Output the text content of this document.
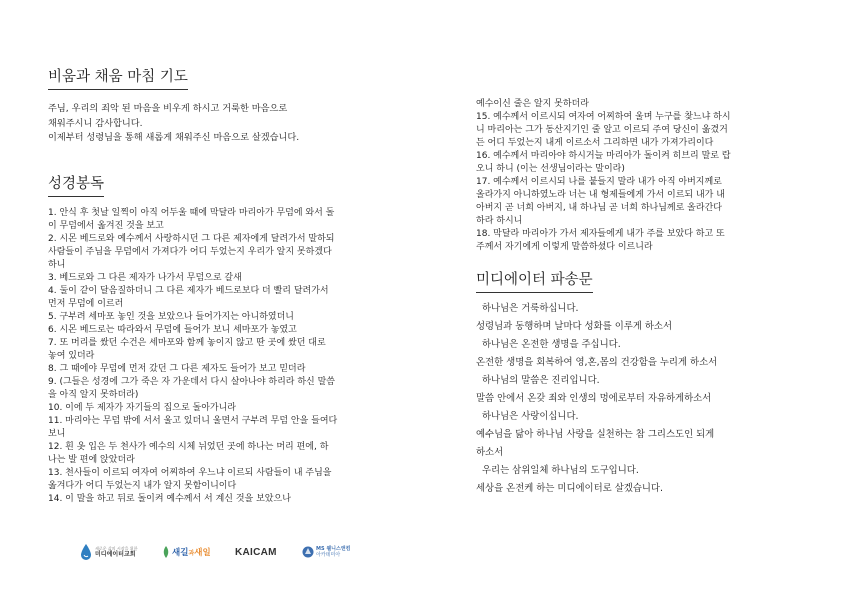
비움과 채움 마침 기도
주님, 우리의 죄악 된 마음을 비우게 하시고 거룩한 마음으로
채워주시니 감사합니다.
이제부터 성령님을 통해 새롭게 채워주신 마음으로 살겠습니다.
성경봉독
1. 안식 후 첫날 일찍이 아직 어두울 때에 막달라 마리아가 무덤에 와서 돌
이 무덤에서 옮겨진 것을 보고
2. 시몬 베드로와 예수께서 사랑하시던 그 다른 제자에게 달려가서 말하되
사람들이 주님을 무덤에서 가져다가 어디 두었는지 우리가 알지 못하겠다
하니
3. 베드로와 그 다른 제자가 나가서 무덤으로 갈새
4. 둘이 같이 달음질하더니 그 다른 제자가 베드로보다 더 빨리 달려가서
먼저 무덤에 이르러
5. 구부려 세마포 놓인 것을 보았으나 들어가지는 아니하였더니
6. 시몬 베드로는 따라와서 무덤에 들어가 보니 세마포가 놓였고
7. 또 머리를 쌌던 수건은 세마포와 함께 놓이지 않고 딴 곳에 쌌던 대로
놓여 있더라
8. 그 때에야 무덤에 먼저 갔던 그 다른 제자도 들어가 보고 믿더라
9. (그들은 성경에 그가 죽은 자 가운데서 다시 살아나야 하리라 하신 말씀
을 아직 알지 못하더라)
10. 이에 두 제자가 자기들의 집으로 돌아가니라
11. 마리아는 무덤 밖에 서서 울고 있더니 울면서 구부려 무덤 안을 들여다
보니
12. 흰 옷 입은 두 천사가 예수의 시체 뉘었던 곳에 하나는 머리 편에, 하
나는 발 편에 앉았더라
13. 천사들이 이르되 여자여 어찌하여 우느냐 이르되 사람들이 내 주님을
옮겨다가 어디 두었는지 내가 알지 못함이니이다
14. 이 말을 하고 뒤로 돌이켜 예수께서 서 계신 것을 보았으나
예수이신 줄은 알지 못하더라
15. 예수께서 이르시되 여자여 어찌하여 울며 누구를 찾느냐 하시
니 마리아는 그가 동산지기인 줄 알고 이르되 주여 당신이 옮겼거
든 어디 두었는지 내게 이르소서 그리하면 내가 가져가리이다
16. 예수께서 마리아야 하시거늘 마리아가 돌이켜 히브리 말로 랍
오니 하니 (이는 선생님이라는 말이라)
17. 예수께서 이르시되 나를 붙들지 말라 내가 아직 아버지께로
올라가지 아니하였노라 너는 내 형제들에게 가서 이르되 내가 내
아버지 곧 너희 아버지, 내 하나님 곧 너희 하나님께로 올라간다
하라 하시니
18. 막달라 마리아가 가서 제자들에게 내가 주를 보았다 하고 또
주께서 자기에게 이렇게 말씀하셨다 이르니라
미디에이터 파송문
하나님은 거룩하십니다.
성령님과 동행하며 날마다 성화를 이루게 하소서
하나님은 온전한 생명을 주십니다.
온전한 생명을 회복하여 영,혼,몸의 건강함을 누리게 하소서
하나님의 말씀은 진리입니다.
말씀 안에서 온갖 죄와 인생의 멍에로부터 자유하게하소서
하나님은 사랑이십니다.
예수님을 닮아 하나님 사랑을 실천하는 참 그리스도인 되게
하소서
우리는 삼위일체 하나님의 도구입니다.
세상을 온전케 하는 미디에이터로 살겠습니다.
새로운 삶의 시작을 위한
미디에이터교회	새길과새일 KAICAM	MS 웰니스앤컴
아카데미아
